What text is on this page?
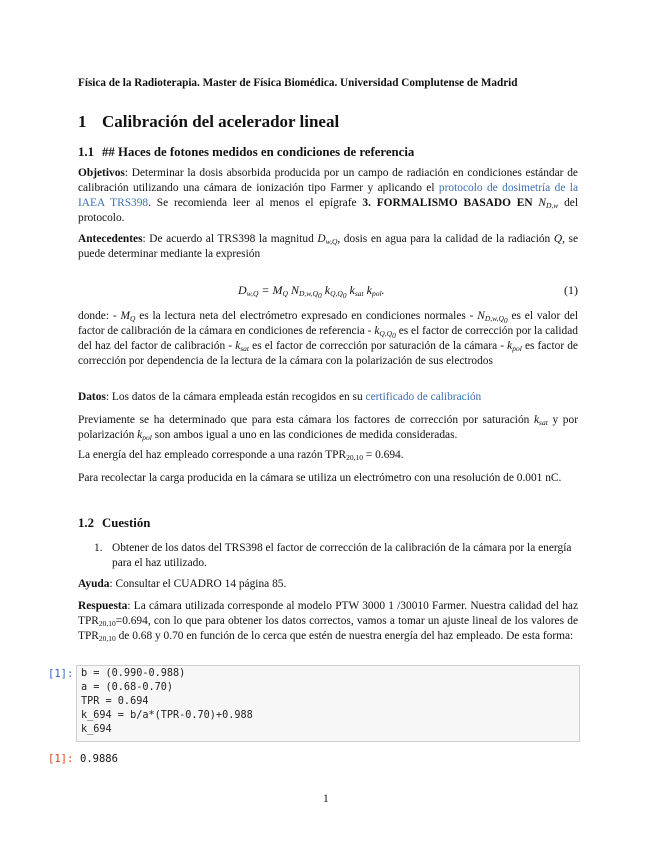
Física de la Radioterapia. Master de Física Biomédica. Universidad Complutense de Madrid
1 Calibración del acelerador lineal
1.1 ## Haces de fotones medidos en condiciones de referencia
Objetivos: Determinar la dosis absorbida producida por un campo de radiación en condiciones estándar de calibración utilizando una cámara de ionización tipo Farmer y aplicando el protocolo de dosimetría de la IAEA TRS398. Se recomienda leer al menos el epígrafe 3. FORMALISMO BASADO EN $N_{D,w}$ del protocolo.
Antecedentes: De acuerdo al TRS398 la magnitud $D_{w,Q}$, dosis en agua para la calidad de la radiación Q, se puede determinar mediante la expresión
$D_{w,Q} = M_Q$ $N_{D,w,Q_0}$ $k_{Q,Q_0}$ $k_{sat}$ $k_{pol}$.	(1)
donde: - $M_Q$ es la lectura neta del electrómetro expresado en condiciones normales - $N_{D,w,Q_0}$ es el valor del factor de calibración de la cámara en condiciones de referencia - $k_{Q,Q_0}$ es el factor de corrección por la calidad del haz del factor de calibración - $k_{sat}$ es el factor de corrección por saturación de la cámara - $k_{pol}$ es factor de corrección por dependencia de la lectura de la cámara con la polarización de sus electrodos
Datos: Los datos de la cámara empleada están recogidos en su certificado de calibración
Previamente se ha determinado que para esta cámara los factores de corrección por saturación $k_{sat}$ y por polarización $k_{pol}$ son ambos igual a uno en las condiciones de medida consideradas.
La energía del haz empleado corresponde a una razón $TPR_{20,10} = 0.694$.
Para recolectar la carga producida en la cámara se utiliza un electrómetro con una resolución de 0.001 nC.
1.2 Cuestión
1. Obtener de los datos del TRS398 el factor de corrección de la calibración de la cámara por la energía para el haz utilizado.
Ayuda: Consultar el CUADRO 14 página 85.
Respuesta: La cámara utilizada corresponde al modelo PTW 3000 1 /30010 Farmer. Nuestra calidad del haz $TPR_{20,10}=0.694$, con lo que para obtener los datos correctos, vamos a tomar un ajuste lineal de los valores de $TPR_{20,10}$ de 0.68 y 0.70 en función de lo cerca que estén de nuestra energía del haz empleado. De esta forma:
[1]: b = (0.990-0.988)
a = (0.68-0.70)
TPR = 0.694
k_694 = b/a*(TPR-0.70)+0.988
k_694
[1]: 0.9886
1
